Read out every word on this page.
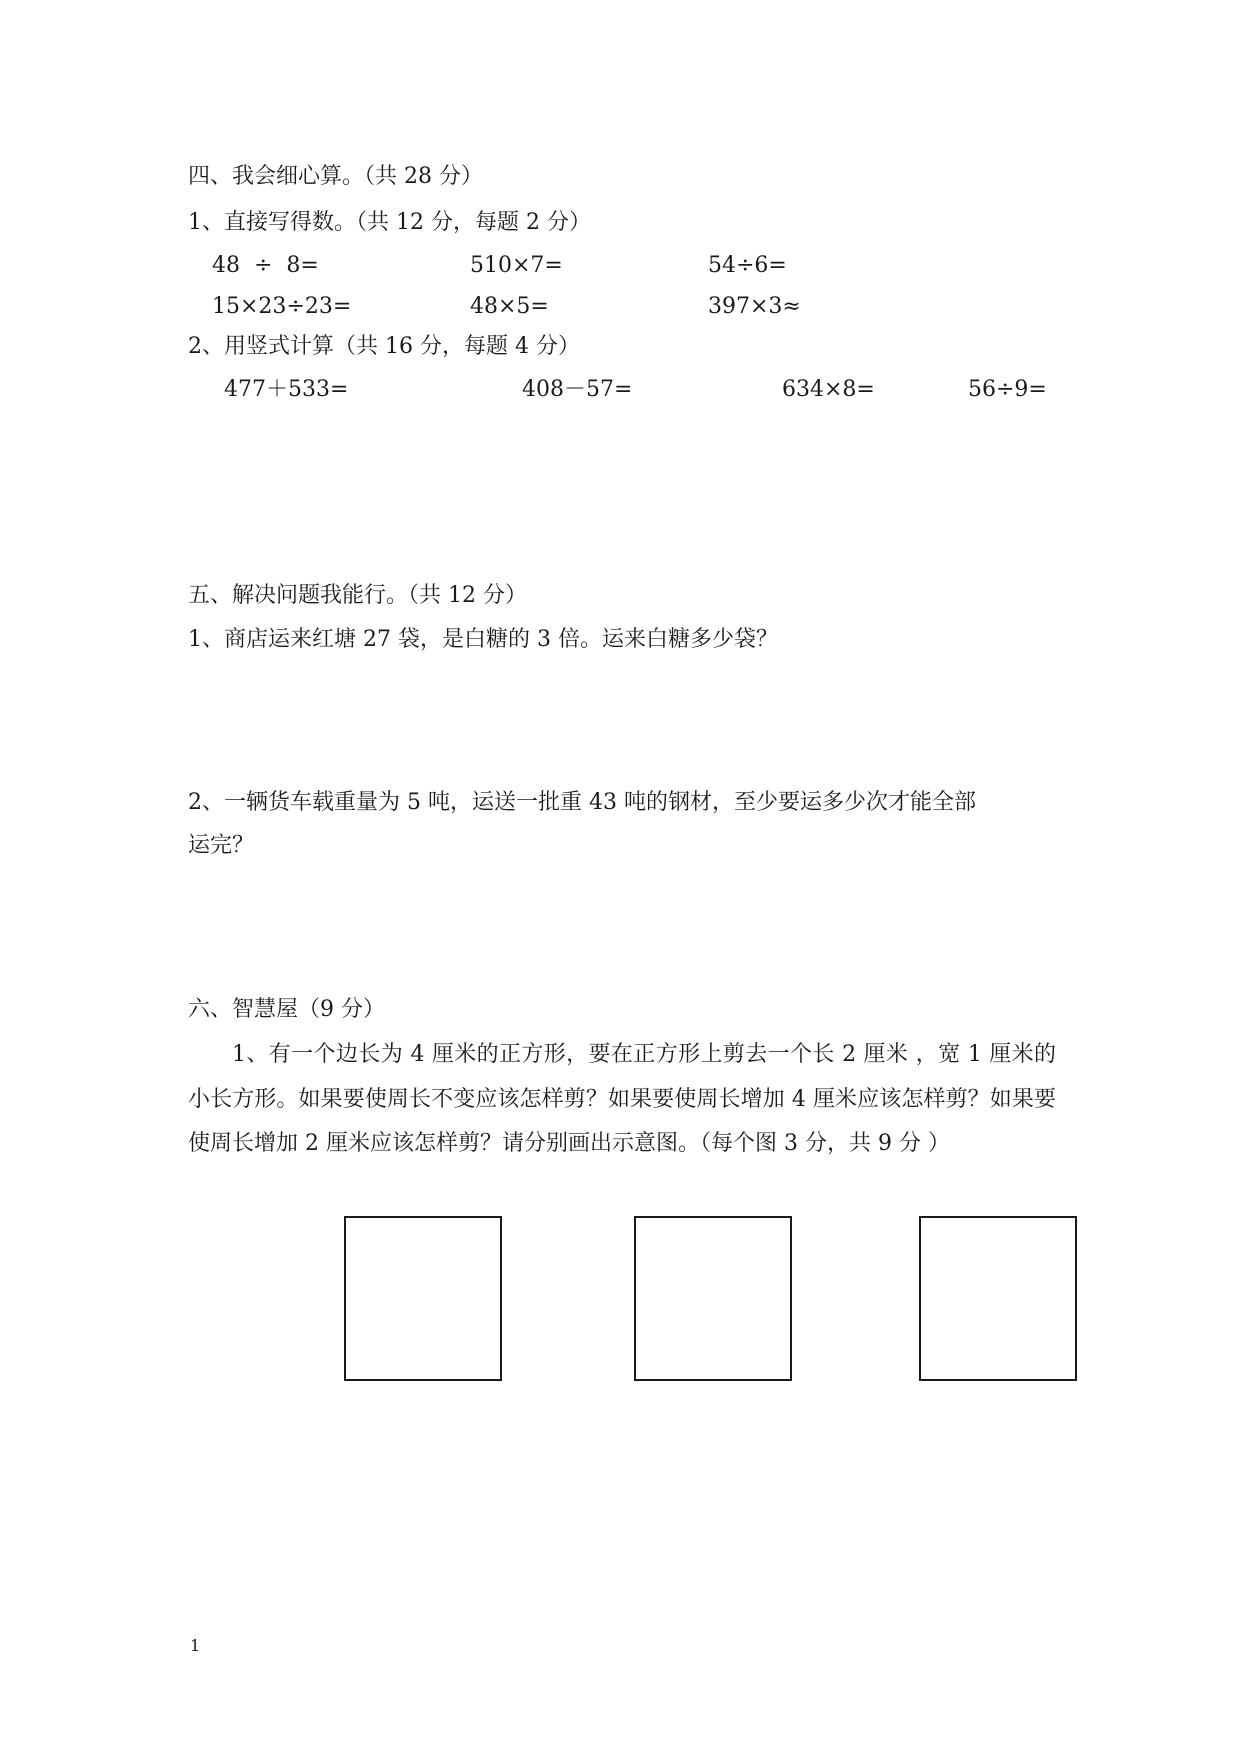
四、我会细心算。（共 28 分）
1、直接写得数。（共 12 分，每题 2 分）
48  ÷  8=	510×7=	54÷6=
15×23÷23=	48×5=	397×3≈
2、用竖式计算（共 16 分，每题 4 分）
477＋533=	408－57=	634×8=	56÷9=
五、解决问题我能行。（共 12 分）
1、商店运来红塘 27 袋，是白糖的 3 倍。运来白糖多少袋？
2、一辆货车载重量为 5 吨，运送一批重 43 吨的钢材，至少要运多少次才能全部
运完？
六、智慧屋（9 分）
1、有一个边长为 4 厘米的正方形，要在正方形上剪去一个长 2 厘米 ，宽 1 厘米的小长方形。如果要使周长不变应该怎样剪？如果要使周长增加 4 厘米应该怎样剪？如果要使周长增加 2 厘米应该怎样剪？请分别画出示意图。（每个图 3 分，共 9 分 ）
1
